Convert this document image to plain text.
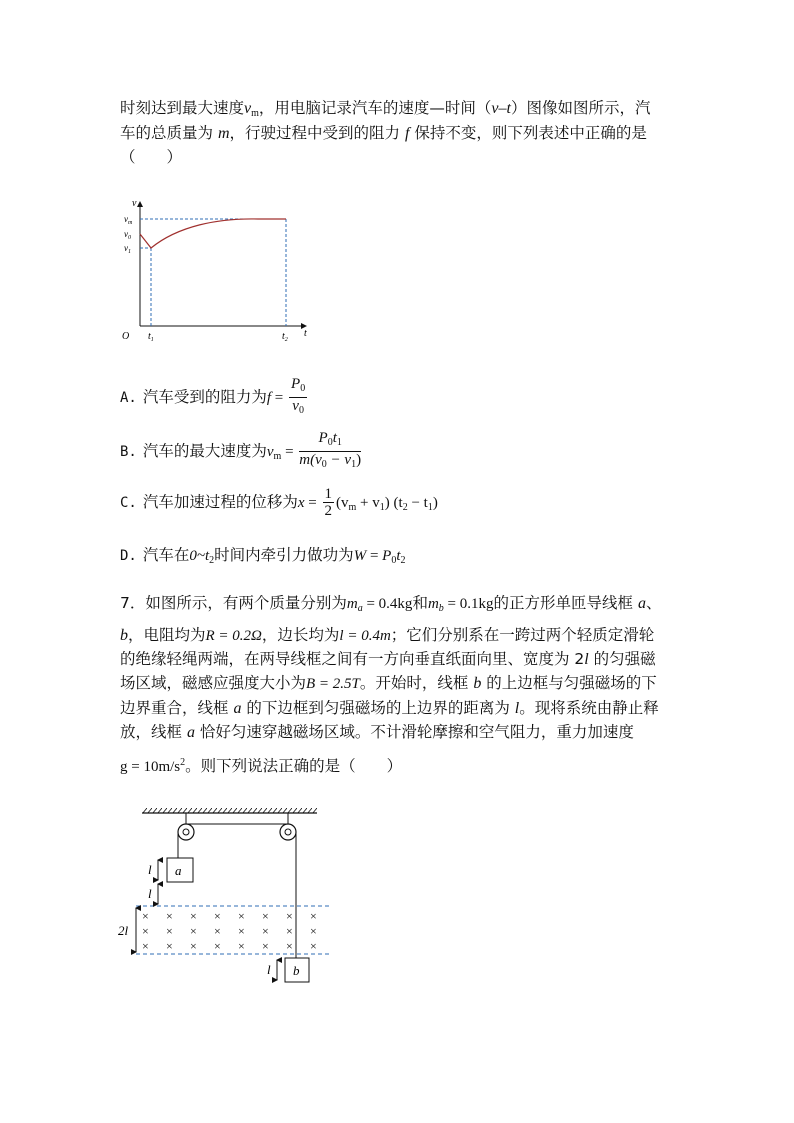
时刻达到最大速度$v_m$，用电脑记录汽车的速度—时间（v–t）图像如图所示，汽
车的总质量为 m，行驶过程中受到的阻力 f 保持不变，则下列表述中正确的是
（　　）
v
t
O
$v_m$
$v_0$
$v_1$
$t_1$	$t_2$
A. 汽车受到的阻力为$f = \frac{P_0}{v_0}$
B. 汽车的最大速度为$v_m = \frac{P_0t_1}{m(v_0 - v_1)}$
C. 汽车加速过程的位移为$x = \frac{1}{2} (v_m + v_1) (t_2 - t_1)$
D. 汽车在$0\sim t_2$时间内牵引力做功为$W = P_0t_2$
7．如图所示，有两个质量分别为$m_a = 0.4kg$和$m_b = 0.1kg$的正方形单匝导线框 a、
b，电阻均为R = 0.2Ω，边长均为l = 0.4m；它们分别系在一跨过两个轻质定滑轮
的绝缘轻绳两端，在两导线框之间有一方向垂直纸面向里、宽度为 2l 的匀强磁
场区域，磁感应强度大小为B = 2.5T。开始时，线框 b 的上边框与匀强磁场的下
边界重合，线框 a 的下边框到匀强磁场的上边界的距离为 l。现将系统由静止释
放，线框 a 恰好匀速穿越磁场区域。不计滑轮摩擦和空气阻力，重力加速度
$g = 10m/s^2$。则下列说法正确的是（　　）
a
b
× × × × × × × ×
× × × × × × × ×
× × × × × × × ×
l
l
2l
l
